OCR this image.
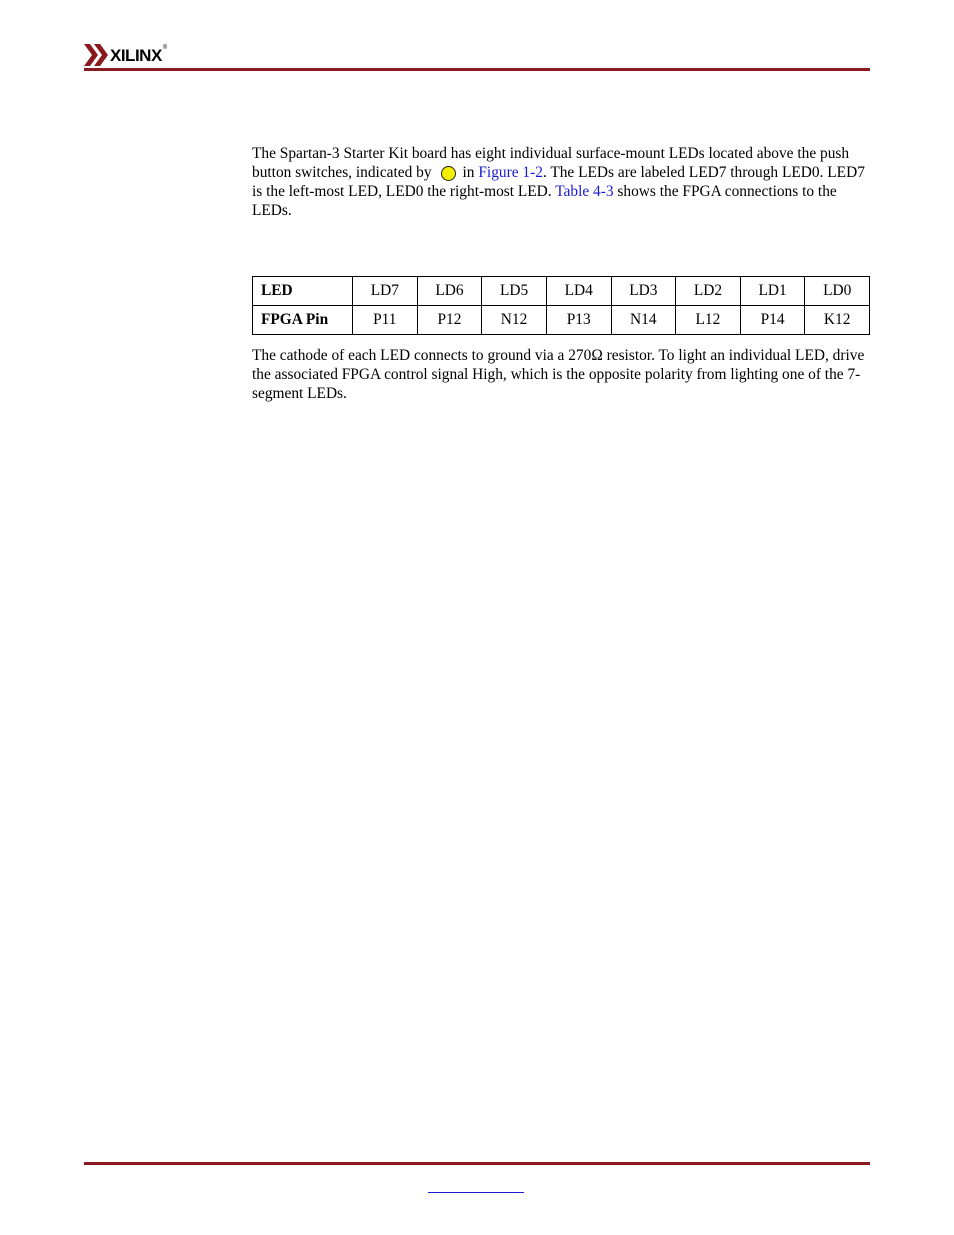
XILINX ®

The Spartan-3 Starter Kit board has eight individual surface-mount LEDs located above the push button switches, indicated by in Figure 1-2. The LEDs are labeled LED7 through LED0. LED7 is the left-most LED, LED0 the right-most LED. Table 4-3 shows the FPGA connections to the LEDs.

LED	LD7	LD6	LD5	LD4	LD3	LD2	LD1	LD0
FPGA Pin	P11	P12	N12	P13	N14	L12	P14	K12

The cathode of each LED connects to ground via a 270Ω resistor. To light an individual LED, drive the associated FPGA control signal High, which is the opposite polarity from lighting one of the 7-segment LEDs.
